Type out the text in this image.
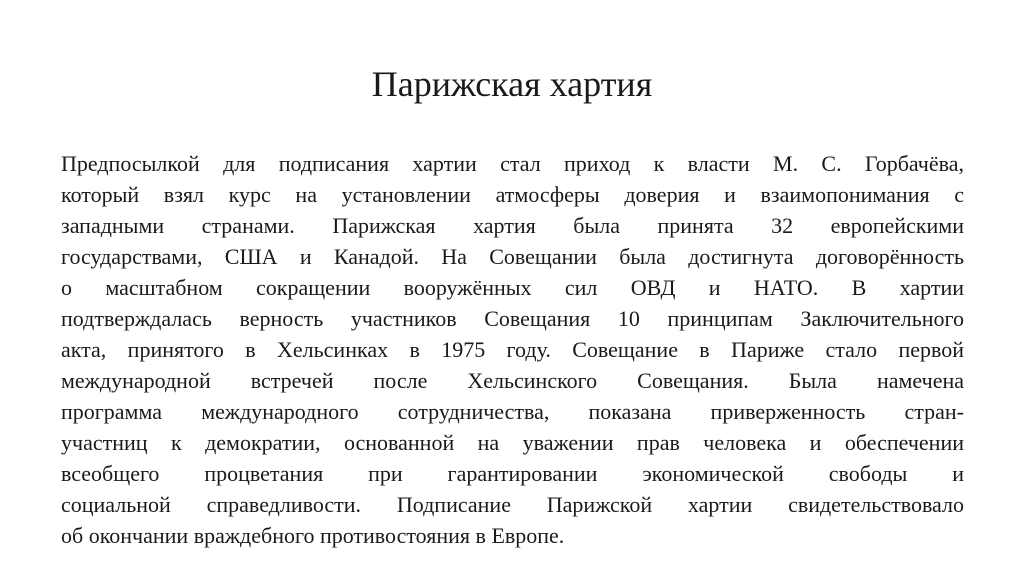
Парижская хартия
Предпосылкой для подписания хартии стал приход к власти М. С. Горбачёва,
который взял курс на установлении атмосферы доверия и взаимопонимания с
западными странами. Парижская хартия была принята 32 европейскими
государствами, США и Канадой. На Совещании была достигнута договорённость
о масштабном сокращении вооружённых сил ОВД и НАТО. В хартии
подтверждалась верность участников Совещания 10 принципам Заключительного
акта, принятого в Хельсинках в 1975 году. Совещание в Париже стало первой
международной встречей после Хельсинского Совещания. Была намечена
программа международного сотрудничества, показана приверженность стран-
участниц к демократии, основанной на уважении прав человека и обеспечении
всеобщего процветания при гарантировании экономической свободы и
социальной справедливости. Подписание Парижской хартии свидетельствовало
об окончании враждебного противостояния в Европе.
